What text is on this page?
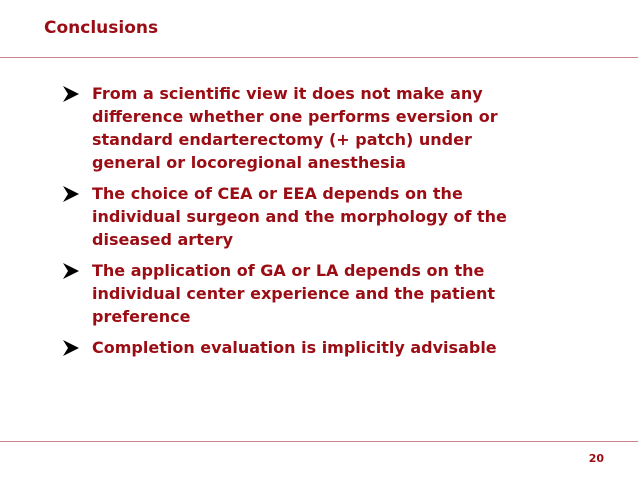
Conclusions
From a scientific view it does not make any
difference whether one performs eversion or
standard endarterectomy (+ patch) under
general or locoregional anesthesia
The choice of CEA or EEA depends on the
individual surgeon and the morphology of the
diseased artery
The application of GA or LA depends on the
individual center experience and the patient
preference
Completion evaluation is implicitly advisable
20
